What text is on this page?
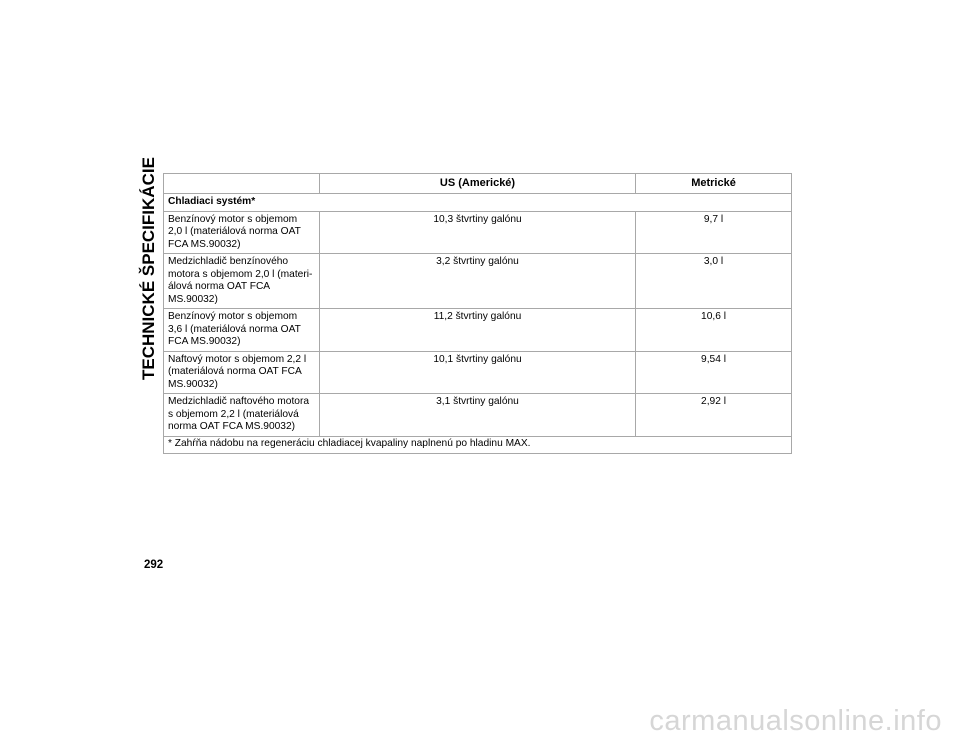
TECHNICKÉ ŠPECIFIKÁCIE
		US (Americké)	Metrické
Chladiaci systém*		
Benzínový motor s objemom
2,0 l (materiálová norma OAT
FCA MS.90032)	10,3 štvrtiny galónu	9,7 l
Medzichladič benzínového
motora s objemom 2,0 l (materi-
álová norma OAT FCA
MS.90032)	3,2 štvrtiny galónu	3,0 l
Benzínový motor s objemom
3,6 l (materiálová norma OAT
FCA MS.90032)	11,2 štvrtiny galónu	10,6 l
Naftový motor s objemom 2,2 l
(materiálová norma OAT FCA
MS.90032)	10,1 štvrtiny galónu	9,54 l
Medzichladič naftového motora
s objemom 2,2 l (materiálová
norma OAT FCA MS.90032)	3,1 štvrtiny galónu	2,92 l
* Zahŕňa nádobu na regeneráciu chladiacej kvapaliny naplnenú po hladinu MAX.		
292
carmanualsonline.info
